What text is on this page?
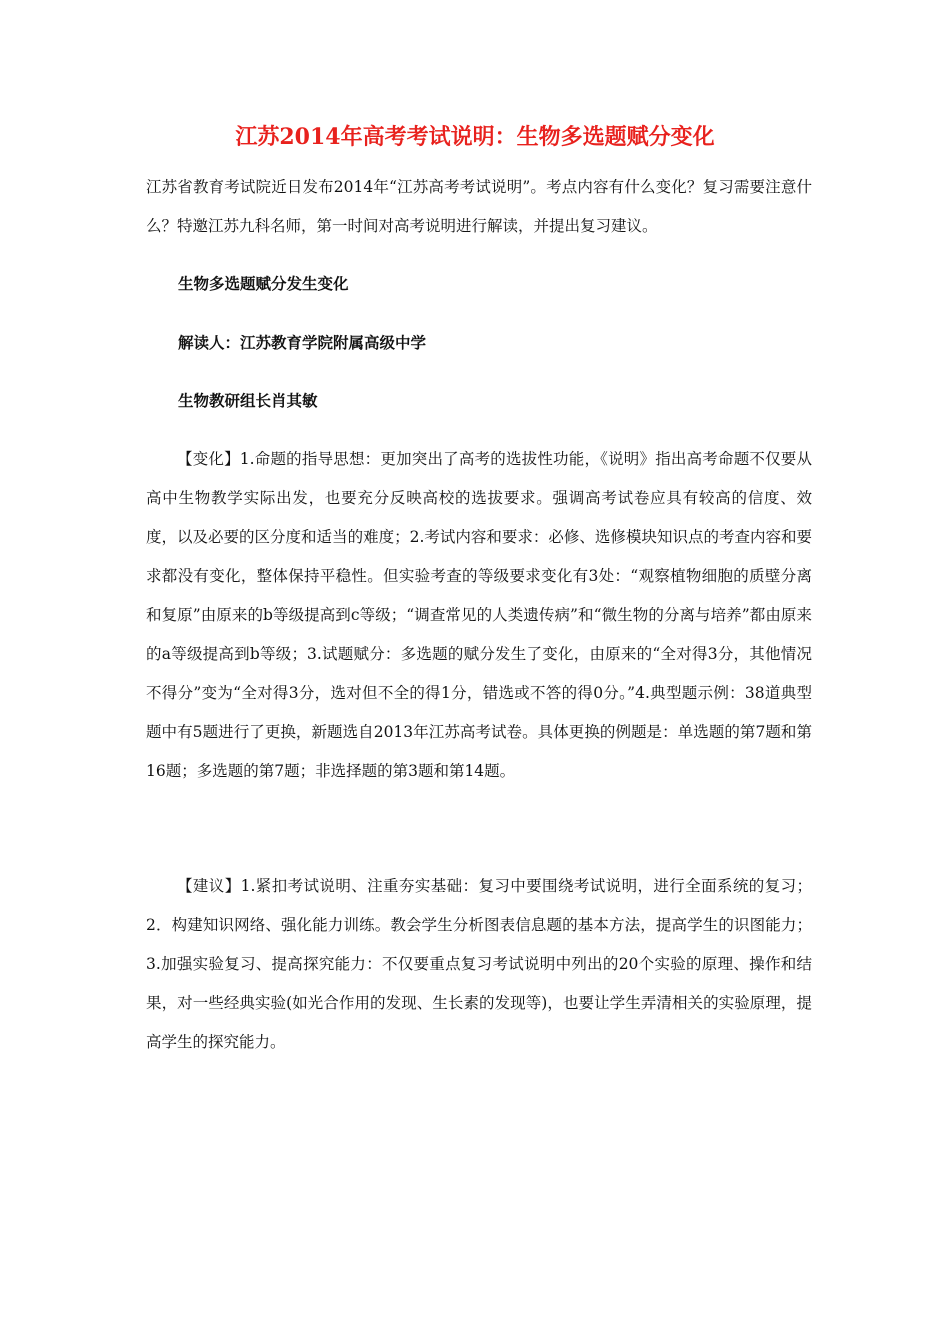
江苏2014年高考考试说明：生物多选题赋分变化

江苏省教育考试院近日发布2014年“江苏高考考试说明”。考点内容有什么变化？复习需要注意什么？特邀江苏九科名师，第一时间对高考说明进行解读，并提出复习建议。

生物多选题赋分发生变化
解读人：江苏教育学院附属高级中学
生物教研组长肖其敏

【变化】1.命题的指导思想：更加突出了高考的选拔性功能，《说明》指出高考命题不仅要从高中生物教学实际出发，也要充分反映高校的选拔要求。强调高考试卷应具有较高的信度、效度，以及必要的区分度和适当的难度；2.考试内容和要求：必修、选修模块知识点的考查内容和要求都没有变化，整体保持平稳性。但实验考查的等级要求变化有3处：“观察植物细胞的质壁分离和复原”由原来的b等级提高到c等级；“调查常见的人类遗传病”和“微生物的分离与培养”都由原来的a等级提高到b等级；3.试题赋分：多选题的赋分发生了变化，由原来的“全对得3分，其他情况不得分”变为“全对得3分，选对但不全的得1分，错选或不答的得0分。”4.典型题示例：38道典型题中有5题进行了更换，新题选自2013年江苏高考试卷。具体更换的例题是：单选题的第7题和第16题；多选题的第7题；非选择题的第3题和第14题。

【建议】1.紧扣考试说明、注重夯实基础：复习中要围绕考试说明，进行全面系统的复习；2．构建知识网络、强化能力训练。教会学生分析图表信息题的基本方法，提高学生的识图能力；3.加强实验复习、提高探究能力：不仅要重点复习考试说明中列出的20个实验的原理、操作和结果，对一些经典实验(如光合作用的发现、生长素的发现等)，也要让学生弄清相关的实验原理，提高学生的探究能力。
